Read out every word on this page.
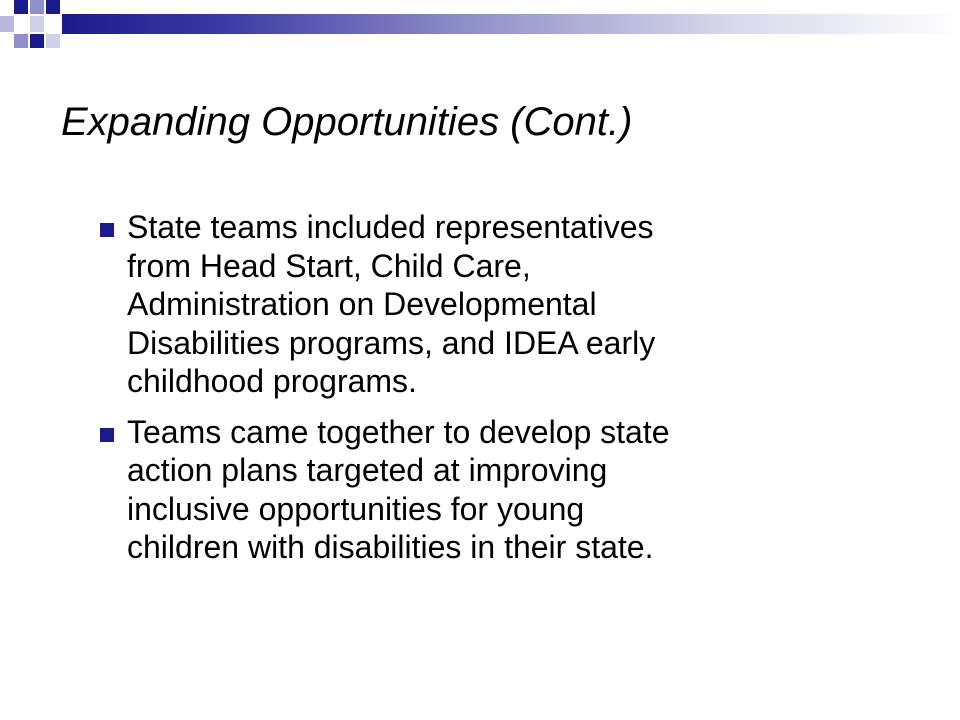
Expanding Opportunities (Cont.)
State teams included representatives
from Head Start, Child Care,
Administration on Developmental
Disabilities programs, and IDEA early
childhood programs.
Teams came together to develop state
action plans targeted at improving
inclusive opportunities for young
children with disabilities in their state.
